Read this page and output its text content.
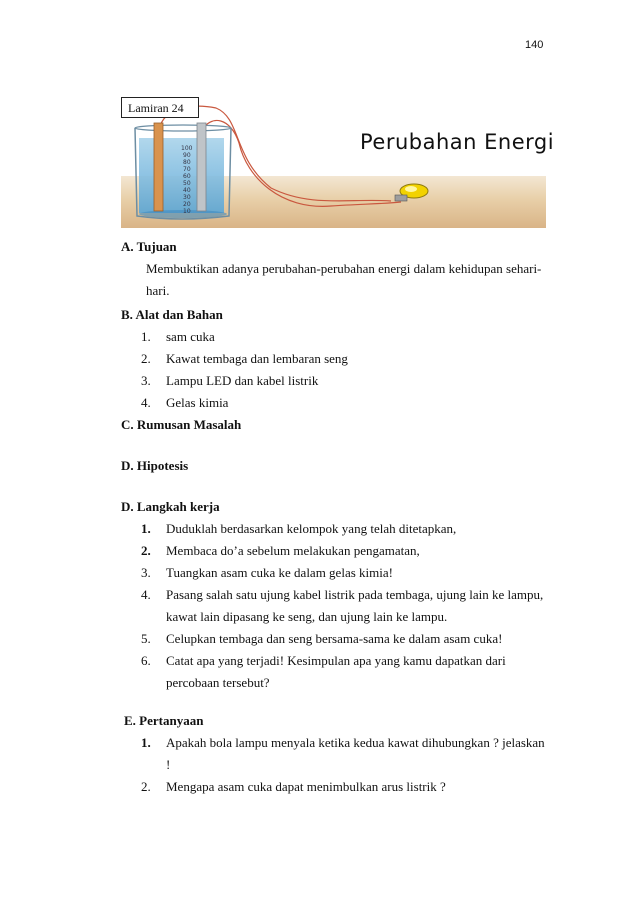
140
100
90
80
70
60
50
40
30
20
10
Lamiran 24
Perubahan Energi

A. Tujuan

Membuktikan adanya perubahan-perubahan energi dalam kehidupan sehari-

hari.

B. Alat dan Bahan

1.	sam cuka
2.	Kawat tembaga dan lembaran seng
3.	Lampu LED dan kabel listrik
4.	Gelas kimia

C. Rumusan Masalah

D. Hipotesis

D. Langkah kerja

1.	Duduklah berdasarkan kelompok yang telah ditetapkan,
2.	Membaca do’a sebelum melakukan pengamatan,
3.	Tuangkan asam cuka ke dalam gelas kimia!
4.	Pasang salah satu ujung kabel listrik pada tembaga, ujung lain ke lampu,
kawat lain dipasang ke seng, dan ujung lain ke lampu.
5.	Celupkan tembaga dan seng bersama-sama ke dalam asam cuka!
6.	Catat apa yang terjadi! Kesimpulan apa yang kamu dapatkan dari
percobaan tersebut?

E. Pertanyaan

1.	Apakah bola lampu menyala ketika kedua kawat dihubungkan ? jelaskan !
2.	Mengapa asam cuka dapat menimbulkan arus listrik ?
